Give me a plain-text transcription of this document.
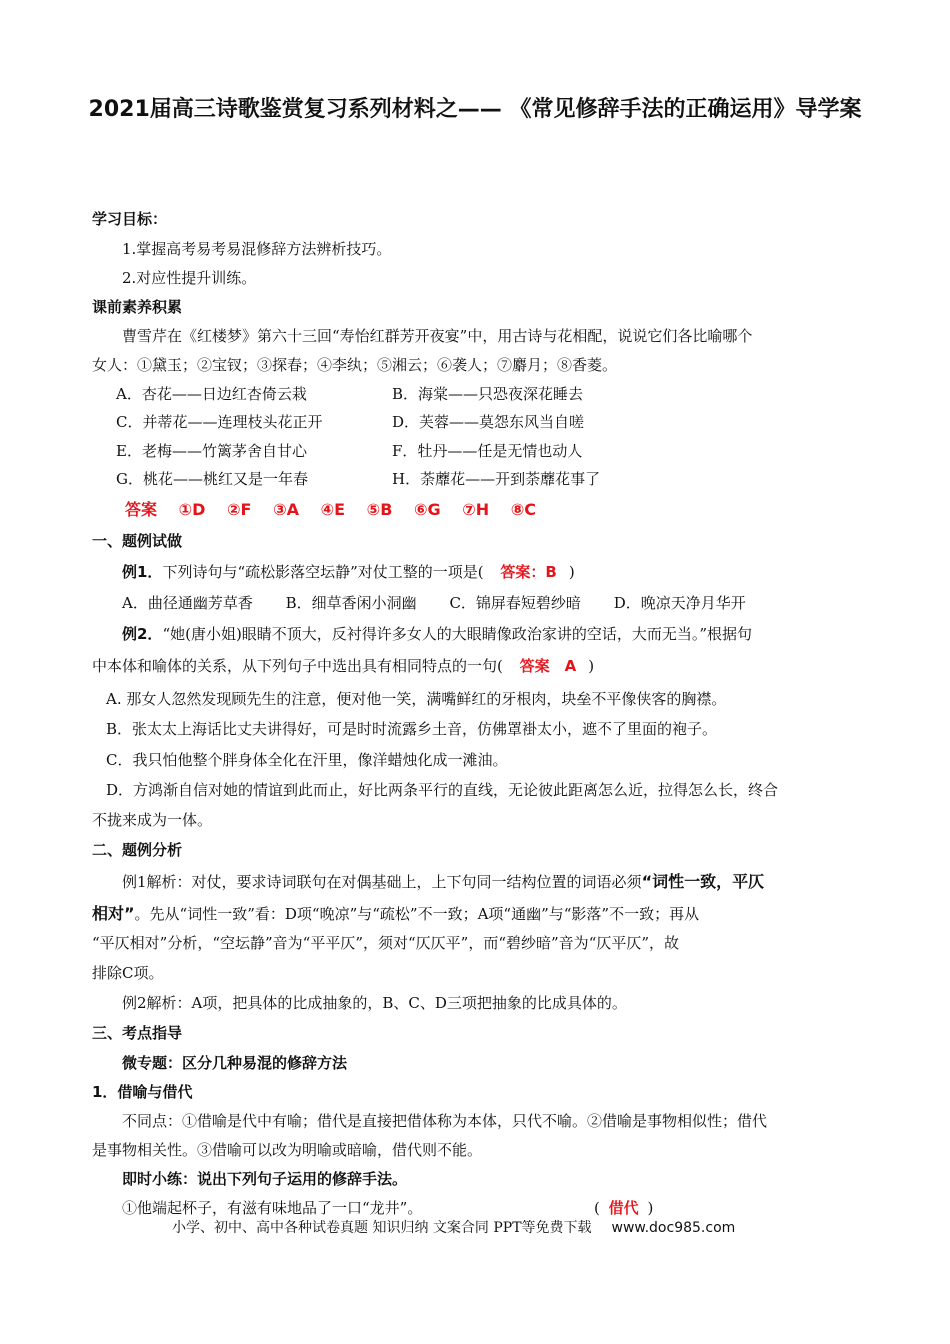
2021届高三诗歌鉴赏复习系列材料之—— 《常见修辞手法的正确运用》导学案
学习目标：
1.掌握高考易考易混修辞方法辨析技巧。
2.对应性提升训练。
课前素养积累
曹雪芹在《红楼梦》第六十三回“寿怡红群芳开夜宴”中，用古诗与花相配，说说它们各比喻哪个
女人：①黛玉；②宝钗；③探春；④李纨；⑤湘云；⑥袭人；⑦麝月；⑧香菱。
A．杏花——日边红杏倚云栽	B．海棠——只恐夜深花睡去
C．并蒂花——连理枝头花正开	D．芙蓉——莫怨东风当自嗟
E．老梅——竹篱茅舍自甘心	F．牡丹——任是无情也动人
G．桃花——桃红又是一年春	H．荼蘼花——开到荼蘼花事了
答案 ①D ②F ③A ④E ⑤B ⑥G ⑦H ⑧C
一、题例试做
例1．下列诗句与“疏松影落空坛静”对仗工整的一项是( 答案：B )
A．曲径通幽芳草香 B．细草香闲小洞幽 C．锦屏春短碧纱暗 D．晚凉天净月华开
例2．“她(唐小姐)眼睛不顶大，反衬得许多女人的大眼睛像政治家讲的空话，大而无当。”根据句
中本体和喻体的关系，从下列句子中选出具有相同特点的一句( 答案　A )
A. 那女人忽然发现顾先生的注意，便对他一笑，满嘴鲜红的牙根肉，块垒不平像侠客的胸襟。
B．张太太上海话比丈夫讲得好，可是时时流露乡土音，仿佛罩褂太小，遮不了里面的袍子。
C．我只怕他整个胖身体全化在汗里，像洋蜡烛化成一滩油。
D．方鸿渐自信对她的情谊到此而止，好比两条平行的直线，无论彼此距离怎么近，拉得怎么长，终合
不拢来成为一体。
二、题例分析
例1解析：对仗，要求诗词联句在对偶基础上，上下句同一结构位置的词语必须“词性一致，平仄
相对”。先从“词性一致”看：D项“晚凉”与“疏松”不一致；A项“通幽”与“影落”不一致；再从
“平仄相对”分析，“空坛静”音为“平平仄”，须对“仄仄平”，而“碧纱暗”音为“仄平仄”，故
排除C项。
例2解析：A项，把具体的比成抽象的，B、C、D三项把抽象的比成具体的。
三、考点指导
微专题：区分几种易混的修辞方法
1．借喻与借代
不同点：①借喻是代中有喻；借代是直接把借体称为本体，只代不喻。②借喻是事物相似性；借代
是事物相关性。③借喻可以改为明喻或暗喻，借代则不能。
即时小练：说出下列句子运用的修辞手法。
①他端起杯子，有滋有味地品了一口“龙井”。	( 借代 )
小学、初中、高中各种试卷真题 知识归纳 文案合同 PPT等免费下载 www.doc985.com
